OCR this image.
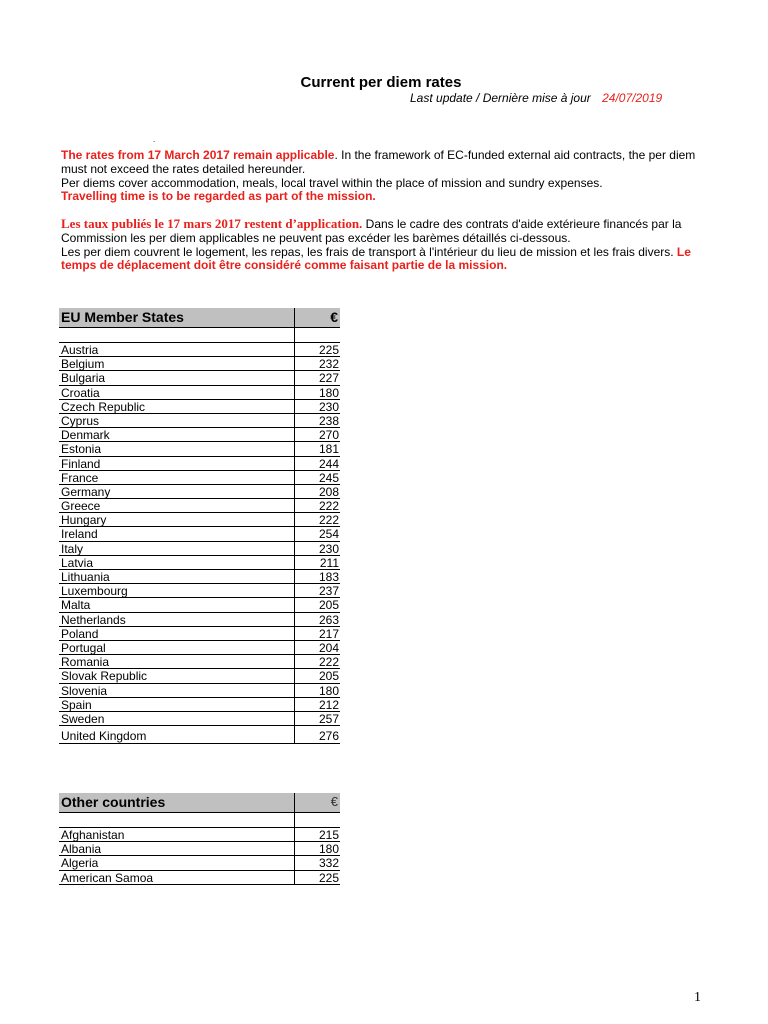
Current per diem rates
Last update / Dernière mise à jour 24/07/2019
.
The rates from 17 March 2017 remain applicable. In the framework of EC-funded external aid contracts, the per diem must not exceed the rates detailed hereunder.
Per diems cover accommodation, meals, local travel within the place of mission and sundry expenses.
Travelling time is to be regarded as part of the mission.
Les taux publiés le 17 mars 2017 restent d’application. Dans le cadre des contrats d'aide extérieure financés par la Commission les per diem applicables ne peuvent pas excéder les barèmes détaillés ci-dessous.
Les per diem couvrent le logement, les repas, les frais de transport à l'intérieur du lieu de mission et les frais divers. Le temps de déplacement doit être considéré comme faisant partie de la mission.
EU Member States	€
Austria	225
Belgium	232
Bulgaria	227
Croatia	180
Czech Republic	230
Cyprus	238
Denmark	270
Estonia	181
Finland	244
France	245
Germany	208
Greece	222
Hungary	222
Ireland	254
Italy	230
Latvia	211
Lithuania	183
Luxembourg	237
Malta	205
Netherlands	263
Poland	217
Portugal	204
Romania	222
Slovak Republic	205
Slovenia	180
Spain	212
Sweden	257
United Kingdom	276
Other countries	€
Afghanistan	215
Albania	180
Algeria	332
American Samoa	225
1
